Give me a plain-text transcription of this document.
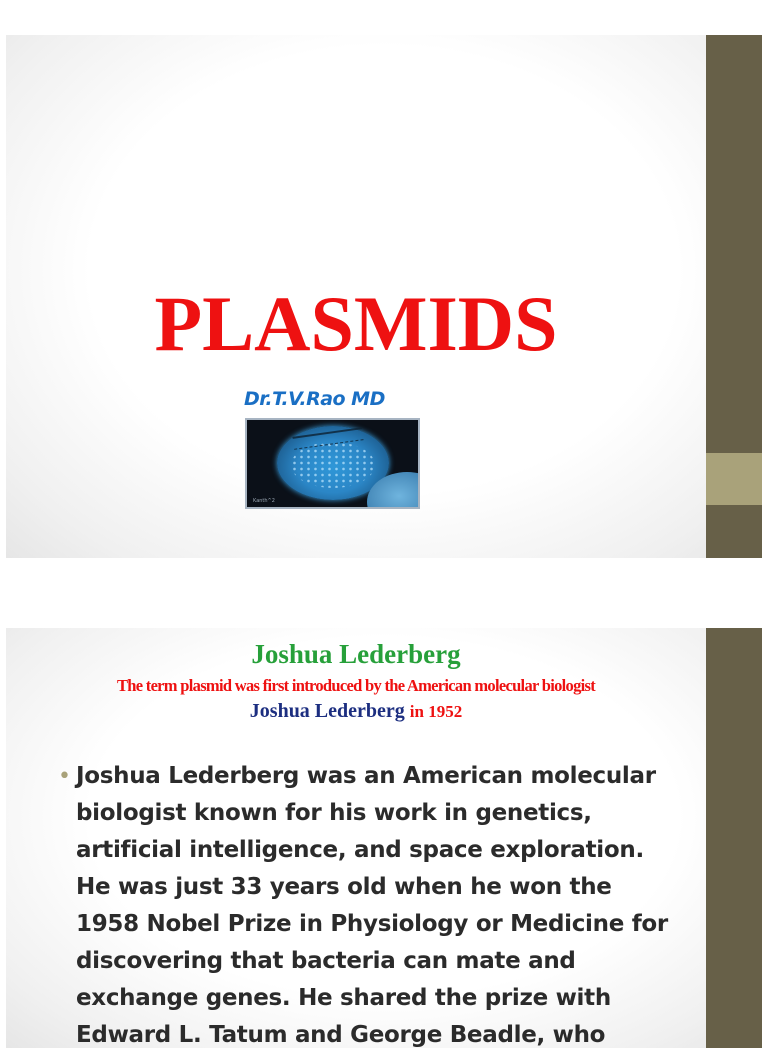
PLASMIDS
Dr.T.V.Rao MD
Kanth^2
Joshua Lederberg
The term plasmid was first introduced by the American molecular biologist
Joshua Lederberg in 1952
• Joshua Lederberg was an American molecular biologist known for his work in genetics, artificial intelligence, and space exploration. He was just 33 years old when he won the 1958 Nobel Prize in Physiology or Medicine for discovering that bacteria can mate and exchange genes. He shared the prize with Edward L. Tatum and George Beadle, who
